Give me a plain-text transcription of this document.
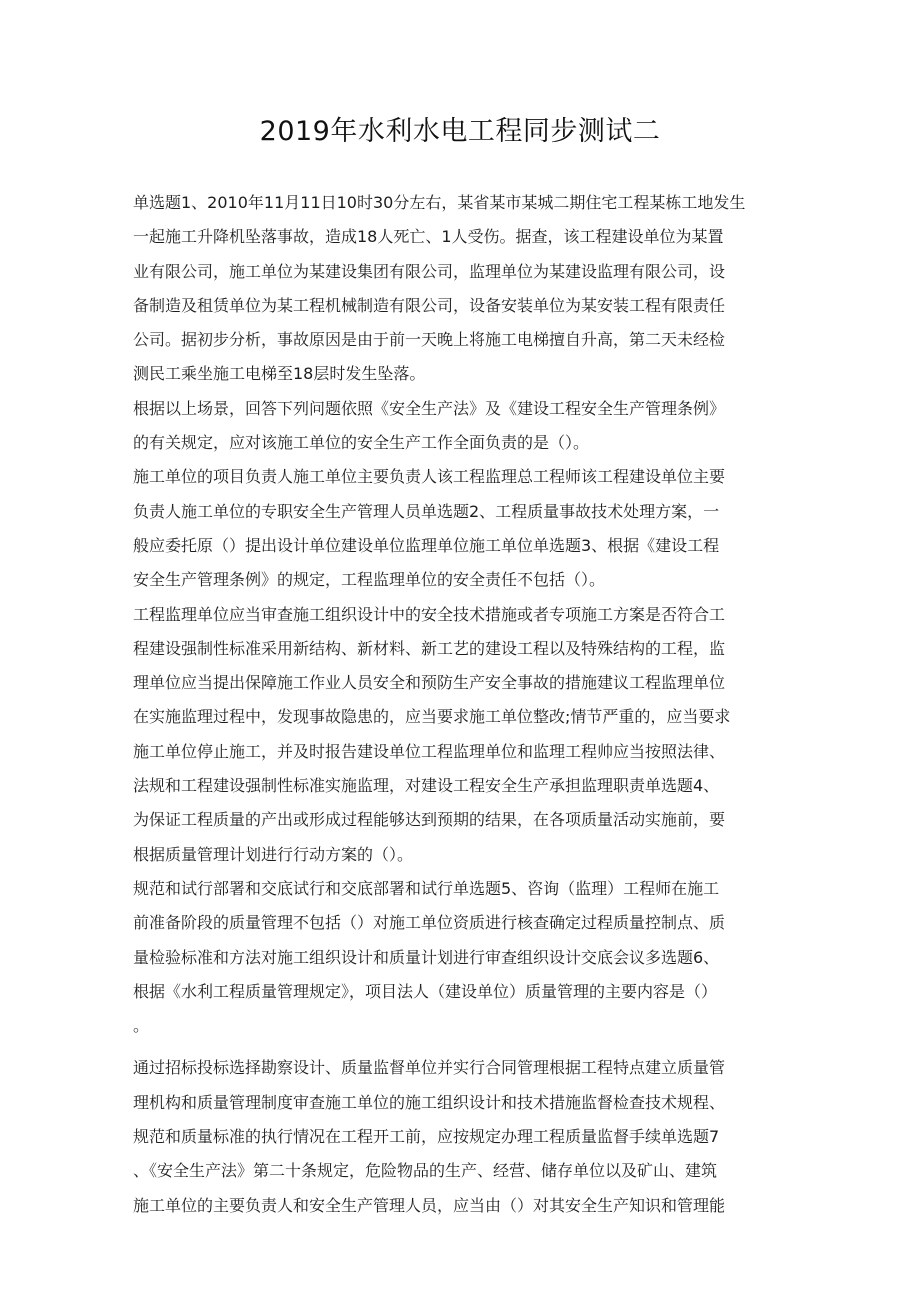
2019年水利水电工程同步测试二

单选题1、2010年11月11日10时30分左右，某省某市某城二期住宅工程某栋工地发生

一起施工升降机坠落事故，造成18人死亡、1人受伤。据查，该工程建设单位为某置

业有限公司，施工单位为某建设集团有限公司，监理单位为某建设监理有限公司，设

备制造及租赁单位为某工程机械制造有限公司，设备安装单位为某安装工程有限责任

公司。据初步分析，事故原因是由于前一天晚上将施工电梯擅自升高，第二天未经检

测民工乘坐施工电梯至18层时发生坠落。

根据以上场景，回答下列问题依照《安全生产法》及《建设工程安全生产管理条例》

的有关规定，应对该施工单位的安全生产工作全面负责的是（）。

施工单位的项目负责人施工单位主要负责人该工程监理总工程师该工程建设单位主要

负责人施工单位的专职安全生产管理人员单选题2、工程质量事故技术处理方案，一

般应委托原（）提出设计单位建设单位监理单位施工单位单选题3、根据《建设工程

安全生产管理条例》的规定，工程监理单位的安全责任不包括（）。

工程监理单位应当审查施工组织设计中的安全技术措施或者专项施工方案是否符合工

程建设强制性标准采用新结构、新材料、新工艺的建设工程以及特殊结构的工程，监

理单位应当提出保障施工作业人员安全和预防生产安全事故的措施建议工程监理单位

在实施监理过程中，发现事故隐患的，应当要求施工单位整改;情节严重的，应当要求

施工单位停止施工，并及时报告建设单位工程监理单位和监理工程帅应当按照法律、

法规和工程建设强制性标准实施监理，对建设工程安全生产承担监理职责单选题4、

为保证工程质量的产出或形成过程能够达到预期的结果，在各项质量活动实施前，要

根据质量管理计划进行行动方案的（）。

规范和试行部署和交底试行和交底部署和试行单选题5、咨询（监理）工程师在施工

前准备阶段的质量管理不包括（）对施工单位资质进行核查确定过程质量控制点、质

量检验标准和方法对施工组织设计和质量计划进行审查组织设计交底会议多选题6、

根据《水利工程质量管理规定》，项目法人（建设单位）质量管理的主要内容是（）

。

通过招标投标选择勘察设计、质量监督单位并实行合同管理根据工程特点建立质量管

理机构和质量管理制度审查施工单位的施工组织设计和技术措施监督检查技术规程、

规范和质量标准的执行情况在工程开工前，应按规定办理工程质量监督手续单选题7

、《安全生产法》第二十条规定，危险物品的生产、经营、储存单位以及矿山、建筑

施工单位的主要负责人和安全生产管理人员，应当由（）对其安全生产知识和管理能
